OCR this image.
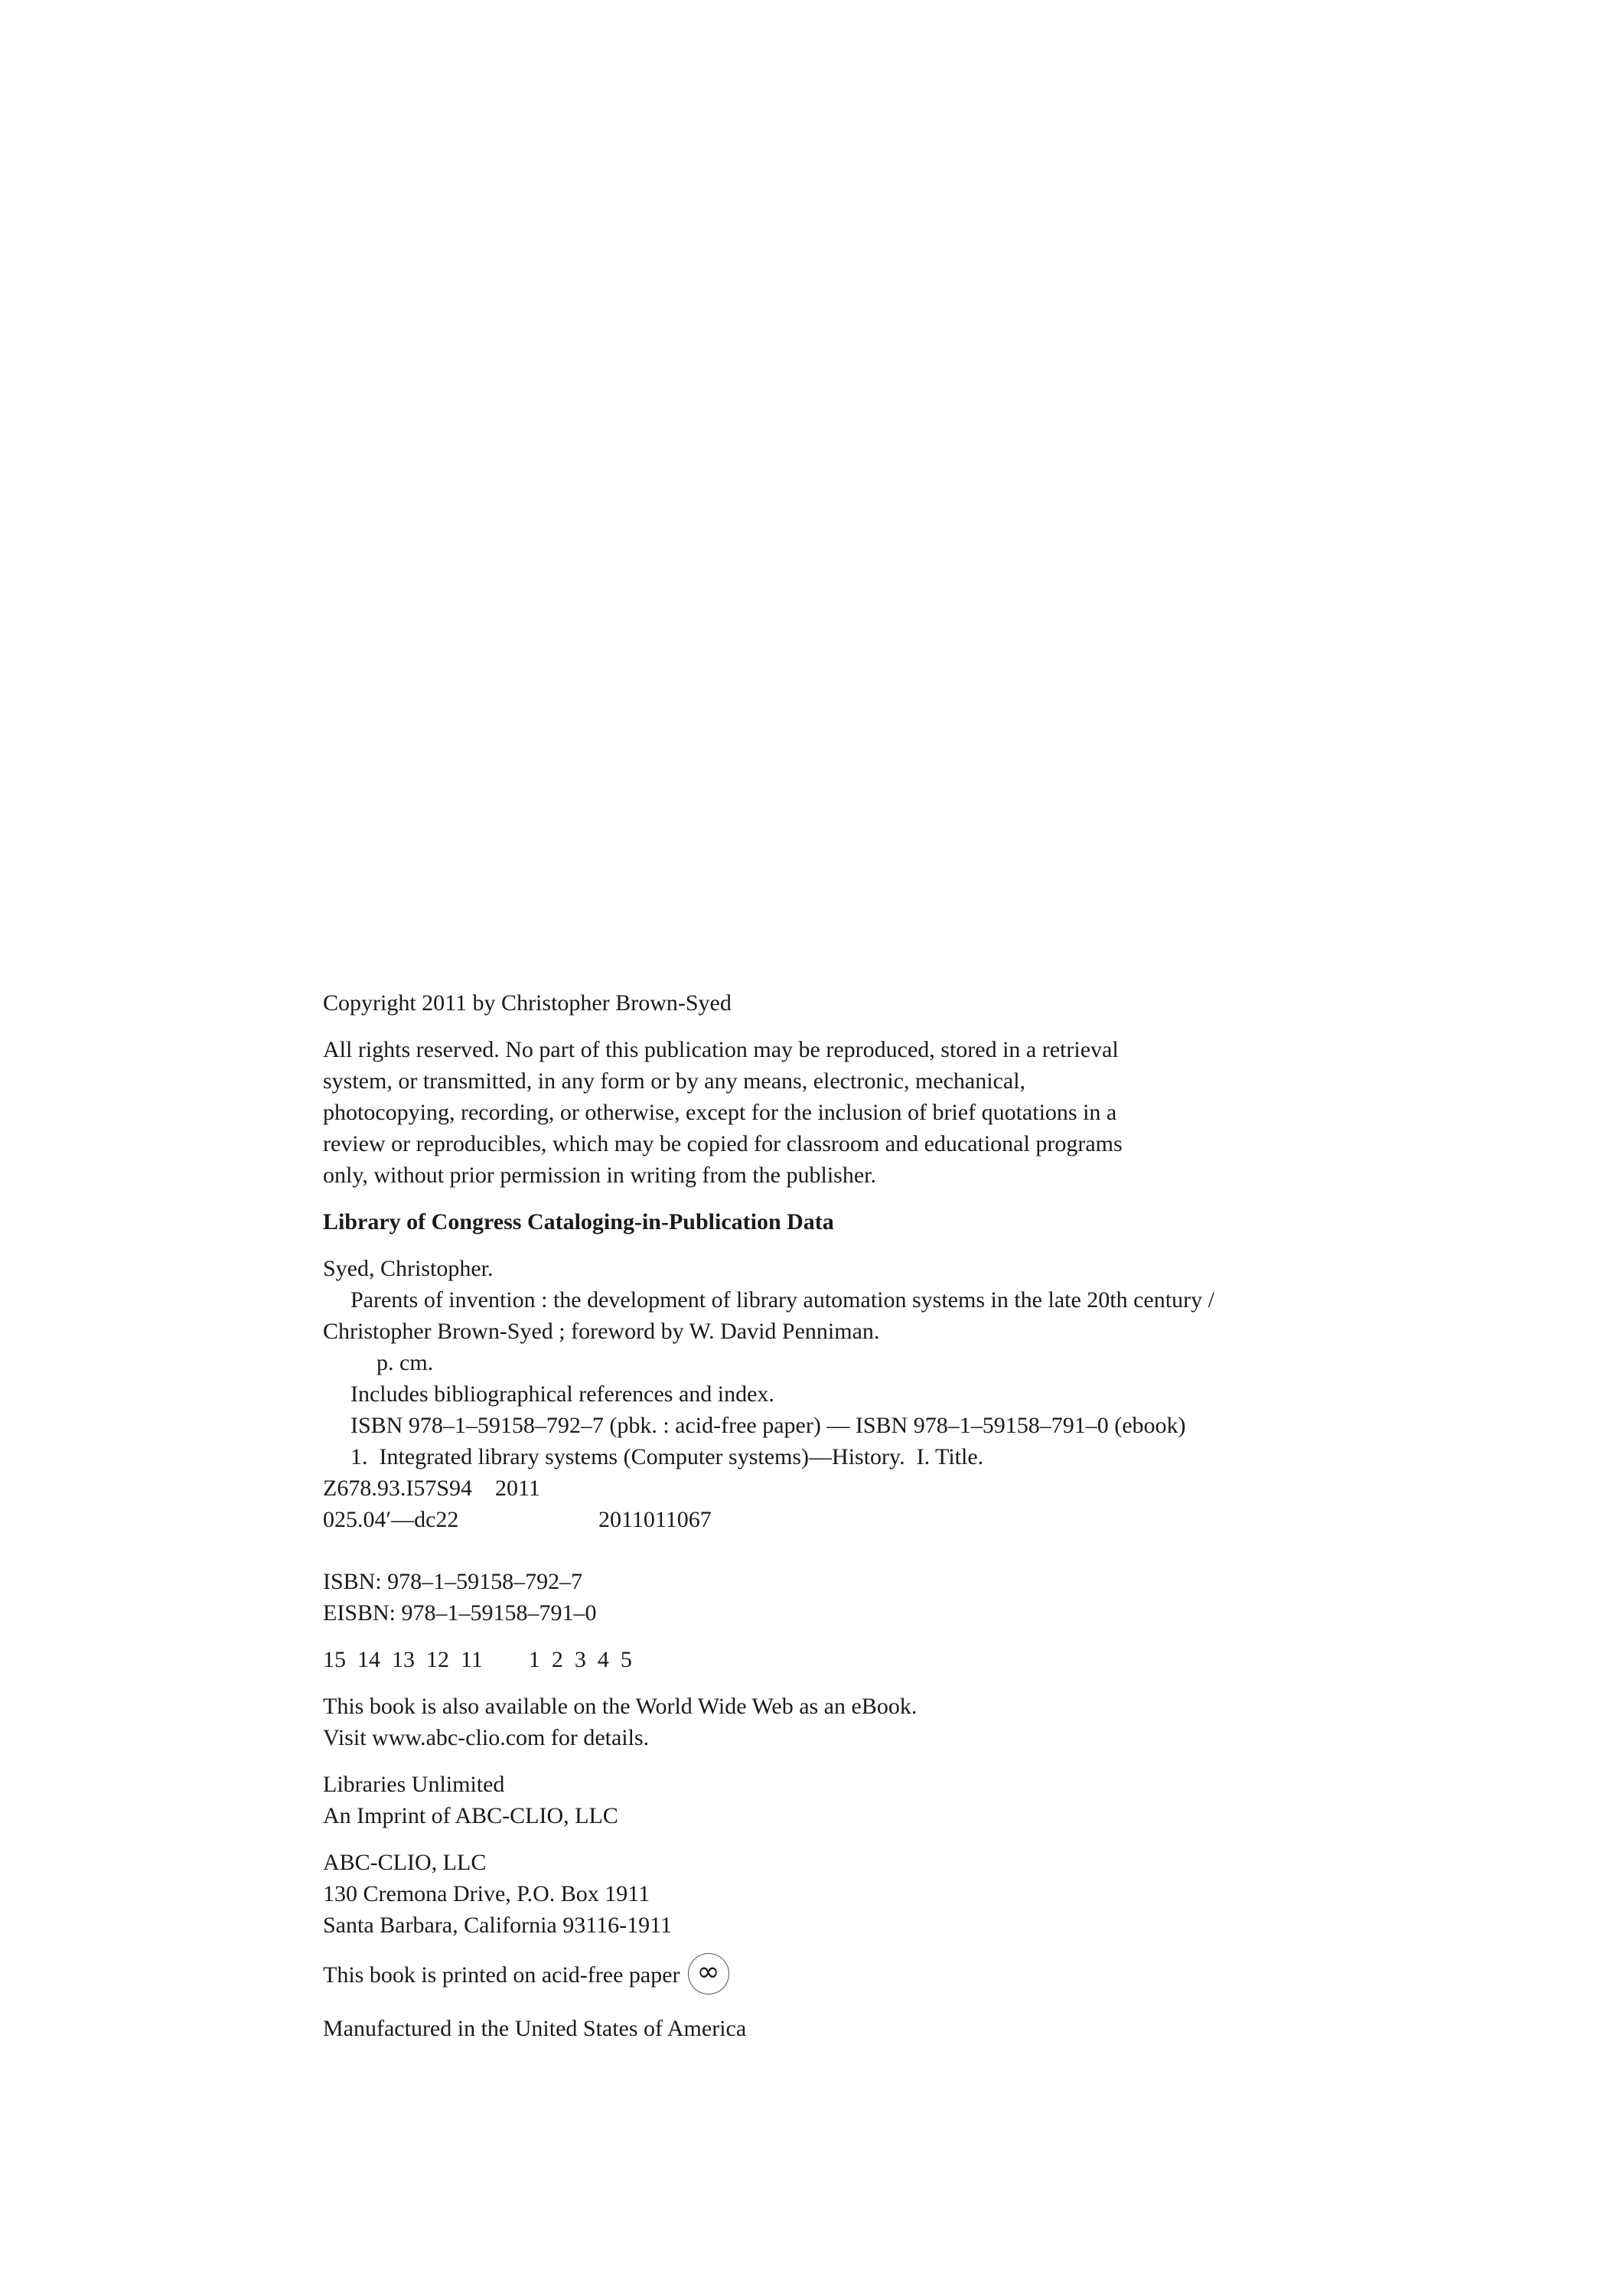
Copyright 2011 by Christopher Brown-Syed
All rights reserved. No part of this publication may be reproduced, stored in a retrieval
system, or transmitted, in any form or by any means, electronic, mechanical,
photocopying, recording, or otherwise, except for the inclusion of brief quotations in a
review or reproducibles, which may be copied for classroom and educational programs
only, without prior permission in writing from the publisher.
Library of Congress Cataloging-in-Publication Data
Syed, Christopher.
Parents of invention : the development of library automation systems in the late 20th century /
Christopher Brown-Syed ; foreword by W. David Penniman.
p. cm.
Includes bibliographical references and index.
ISBN 978–1–59158–792–7 (pbk. : acid-free paper) — ISBN 978–1–59158–791–0 (ebook)
1.  Integrated library systems (Computer systems)—History.  I. Title.
Z678.93.I57S94    2011
025.04′—dc22	2011011067
ISBN: 978–1–59158–792–7
EISBN: 978–1–59158–791–0
15  14  13  12  11        1  2  3  4  5
This book is also available on the World Wide Web as an eBook.
Visit www.abc-clio.com for details.
Libraries Unlimited
An Imprint of ABC-CLIO, LLC
ABC-CLIO, LLC
130 Cremona Drive, P.O. Box 1911
Santa Barbara, California 93116-1911
This book is printed on acid-free paper ∞
Manufactured in the United States of America
